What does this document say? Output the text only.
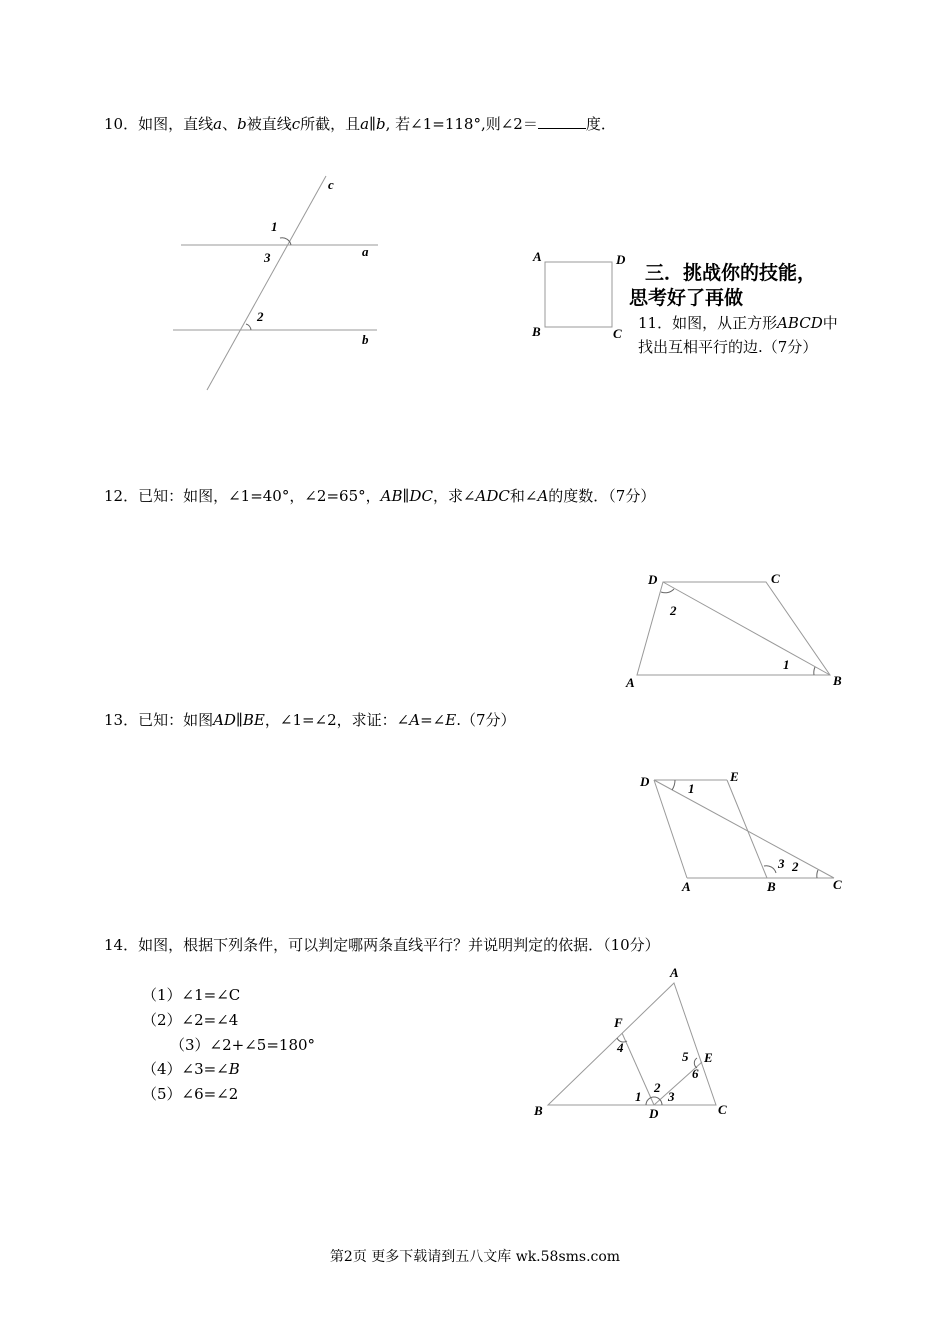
10．如图，直线a、b被直线c所截，且a∥b, 若∠1=118°,则∠2＝	度．
c
a
b
1
3
2
A	D
B	C
三．挑战你的技能，
思考好了再做
11．如图，从正方形ABCD中
找出互相平行的边.（7分）
12．已知：如图，∠1=40°，∠2=65°，AB∥DC，求∠ADC和∠A的度数．（7分）
D	C
A	B
2
1
13．已知：如图AD∥BE，∠1=∠2，求证：∠A=∠E.（7分）
D	E
A	B	C
1
3 2
14．如图，根据下列条件，可以判定哪两条直线平行？并说明判定的依据．（10分）
（1）∠1=∠C
（2）∠2=∠4
（3）∠2+∠5=180°
（4）∠3=∠B
（5）∠6=∠2
A
F
E
B	D	C
4
5
6
2
1 3
第2页 更多下载请到五八文库 wk.58sms.com
